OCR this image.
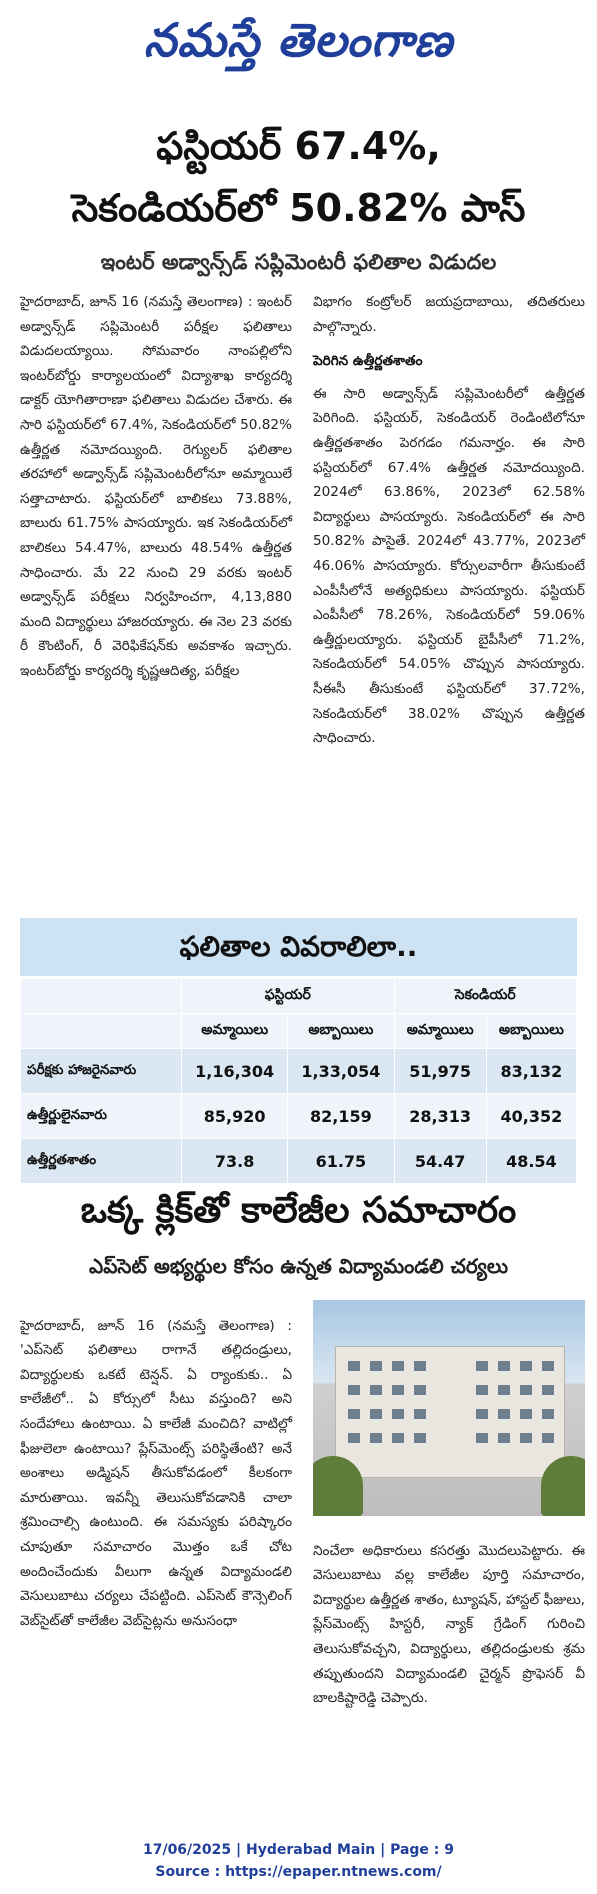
నమస్తే తెలంగాణ
ఫస్టియర్ 67.4%,
సెకండియర్‌లో 50.82% పాస్
ఇంటర్ అడ్వాన్స్‌డ్ సప్లిమెంటరీ ఫలితాల విడుదల

హైదరాబాద్, జూన్ 16 (నమస్తే తెలంగాణ) : ఇంటర్ అడ్వాన్స్‌డ్ సప్లిమెంటరీ పరీక్షల ఫలితాలు విడుదలయ్యాయి. సోమవారం నాంపల్లిలోని ఇంటర్‌బోర్డు కార్యాలయంలో విద్యాశాఖ కార్యదర్శి డాక్టర్ యోగితారాణా ఫలితాలు విడుదల చేశారు. ఈ సారి ఫస్టియర్‌లో 67.4%, సెకండియర్‌లో 50.82% ఉత్తీర్ణత నమోదయ్యింది. రెగ్యులర్ ఫలితాల తరహాలో అడ్వాన్స్‌డ్ సప్లిమెంటరీలోనూ అమ్మాయిలే సత్తాచాటారు. ఫస్టియర్‌లో బాలికలు 73.88%, బాలురు 61.75% పాసయ్యారు. ఇక సెకండియర్‌లో బాలికలు 54.47%, బాలురు 48.54% ఉత్తీర్ణత సాధించారు. మే 22 నుంచి 29 వరకు ఇంటర్ అడ్వాన్స్‌డ్ పరీక్షలు నిర్వహించగా, 4,13,880 మంది విద్యార్థులు హాజరయ్యారు. ఈ నెల 23 వరకు రీ కౌంటింగ్, రీ వెరిఫికేషన్‌కు అవకాశం ఇచ్చారు. ఇంటర్‌బోర్డు కార్యదర్శి కృష్ణఆదిత్య, పరీక్షల

విభాగం కంట్రోలర్ జయప్రదాబాయి, తదితరులు పాల్గొన్నారు.

పెరిగిన ఉత్తీర్ణతశాతం

ఈ సారి అడ్వాన్స్‌డ్ సప్లిమెంటరీలో ఉత్తీర్ణత పెరిగింది. ఫస్టియర్, సెకండియర్ రెండింటిలోనూ ఉత్తీర్ణతశాతం పెరగడం గమనార్హం. ఈ సారి ఫస్టియర్‌లో 67.4% ఉత్తీర్ణత నమోదయ్యింది. 2024లో 63.86%, 2023లో 62.58% విద్యార్థులు పాసయ్యారు. సెకండియర్‌లో ఈ సారి 50.82% పాసైతే. 2024లో 43.77%, 2023లో 46.06% పాసయ్యారు. కోర్సులవారీగా తీసుకుంటే ఎంపీసీలోనే అత్యధికులు పాసయ్యారు. ఫస్టియర్ ఎంపీసీలో 78.26%, సెకండియర్‌లో 59.06% ఉత్తీర్ణులయ్యారు. ఫస్టియర్ బైపీసీలో 71.2%, సెకండియర్‌లో 54.05% చొప్పున పాసయ్యారు. సీఈసీ తీసుకుంటే ఫస్టియర్‌లో 37.72%, సెకండియర్‌లో 38.02% చొప్పున ఉత్తీర్ణత సాధించారు.

ఫలితాల వివరాలిలా..
	ఫస్టియర్		సెకండియర్	
	అమ్మాయిలు	అబ్బాయిలు	అమ్మాయిలు	అబ్బాయిలు
పరీక్షకు హాజరైనవారు	1,16,304	1,33,054	51,975	83,132
ఉత్తీర్ణులైనవారు	85,920	82,159	28,313	40,352
ఉత్తీర్ణతశాతం	73.8	61.75	54.47	48.54
ఒక్క క్లిక్‌తో కాలేజీల సమాచారం
ఎప్‌సెట్ అభ్యర్థుల కోసం ఉన్నత విద్యామండలి చర్యలు

హైదరాబాద్, జూన్ 16 (నమస్తే తెలంగాణ) : 'ఎప్‌సెట్ ఫలితాలు రాగానే తల్లిదండ్రులు, విద్యార్థులకు ఒకటే టెన్షన్. ఏ ర్యాంకుకు.. ఏ కాలేజీలో.. ఏ కోర్సులో సీటు వస్తుంది? అని సందేహాలు ఉంటాయి. ఏ కాలేజీ మంచిది? వాటిల్లో ఫీజులెలా ఉంటాయి? ప్లేస్‌మెంట్స్ పరిస్థితేంటి? అనే అంశాలు అడ్మిషన్ తీసుకోవడంలో కీలకంగా మారుతాయి. ఇవన్నీ తెలుసుకోవడానికి చాలా శ్రమించాల్సి ఉంటుంది. ఈ సమస్యకు పరిష్కారం చూపుతూ సమాచారం మొత్తం ఒకే చోట అందించేందుకు వీలుగా ఉన్నత విద్యామండలి వెసులుబాటు చర్యలు చేపట్టింది. ఎప్‌సెట్ కౌన్సెలింగ్ వెబ్‌సైట్‌తో కాలేజీల వెబ్‌సైట్లను అనుసంధా

నించేలా అధికారులు కసరత్తు మొదలుపెట్టారు. ఈ వెసులుబాటు వల్ల కాలేజీల పూర్తి సమాచారం, విద్యార్థుల ఉత్తీర్ణత శాతం, ట్యూషన్, హాస్టల్ ఫీజులు, ప్లేస్‌మెంట్స్ హిస్టరీ, న్యాక్ గ్రేడింగ్ గురించి తెలుసుకోవచ్చని, విద్యార్థులు, తల్లిదండ్రులకు శ్రమ తప్పుతుందని విద్యామండలి చైర్మన్ ప్రొఫెసర్ వీ బాలకిష్టారెడ్డి చెప్పారు.

17/06/2025 | Hyderabad Main | Page : 9
Source : https://epaper.ntnews.com/
